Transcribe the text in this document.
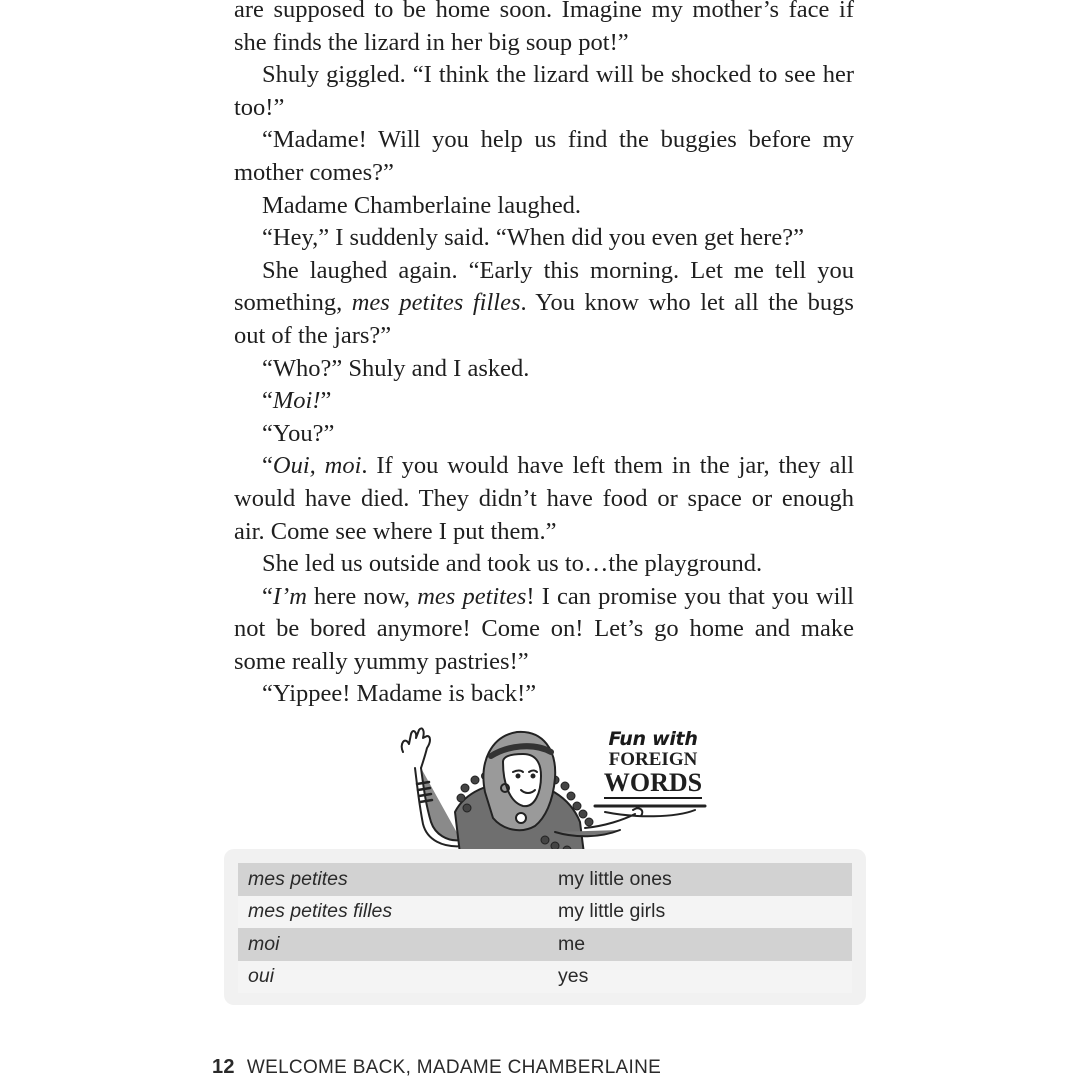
are supposed to be home soon. Imagine my mother’s face if she finds the lizard in her big soup pot!”

Shuly giggled. “I think the lizard will be shocked to see her too!”

“Madame! Will you help us find the buggies before my mother comes?”

Madame Chamberlaine laughed.

“Hey,” I suddenly said. “When did you even get here?”

She laughed again. “Early this morning. Let me tell you something, mes petites filles. You know who let all the bugs out of the jars?”

“Who?” Shuly and I asked.

“Moi!”

“You?”

“Oui, moi. If you would have left them in the jar, they all would have died. They didn’t have food or space or enough air. Come see where I put them.”

She led us outside and took us to…the playground.

“I’m here now, mes petites! I can promise you that you will not be bored anymore! Come on! Let’s go home and make some really yummy pastries!”

“Yippee! Madame is back!”

Fun with
FOREIGN
WORDS
mes petites	my little ones
mes petites filles	my little girls
moi	me
oui	yes
12 WELCOME BACK, MADAME CHAMBERLAINE
